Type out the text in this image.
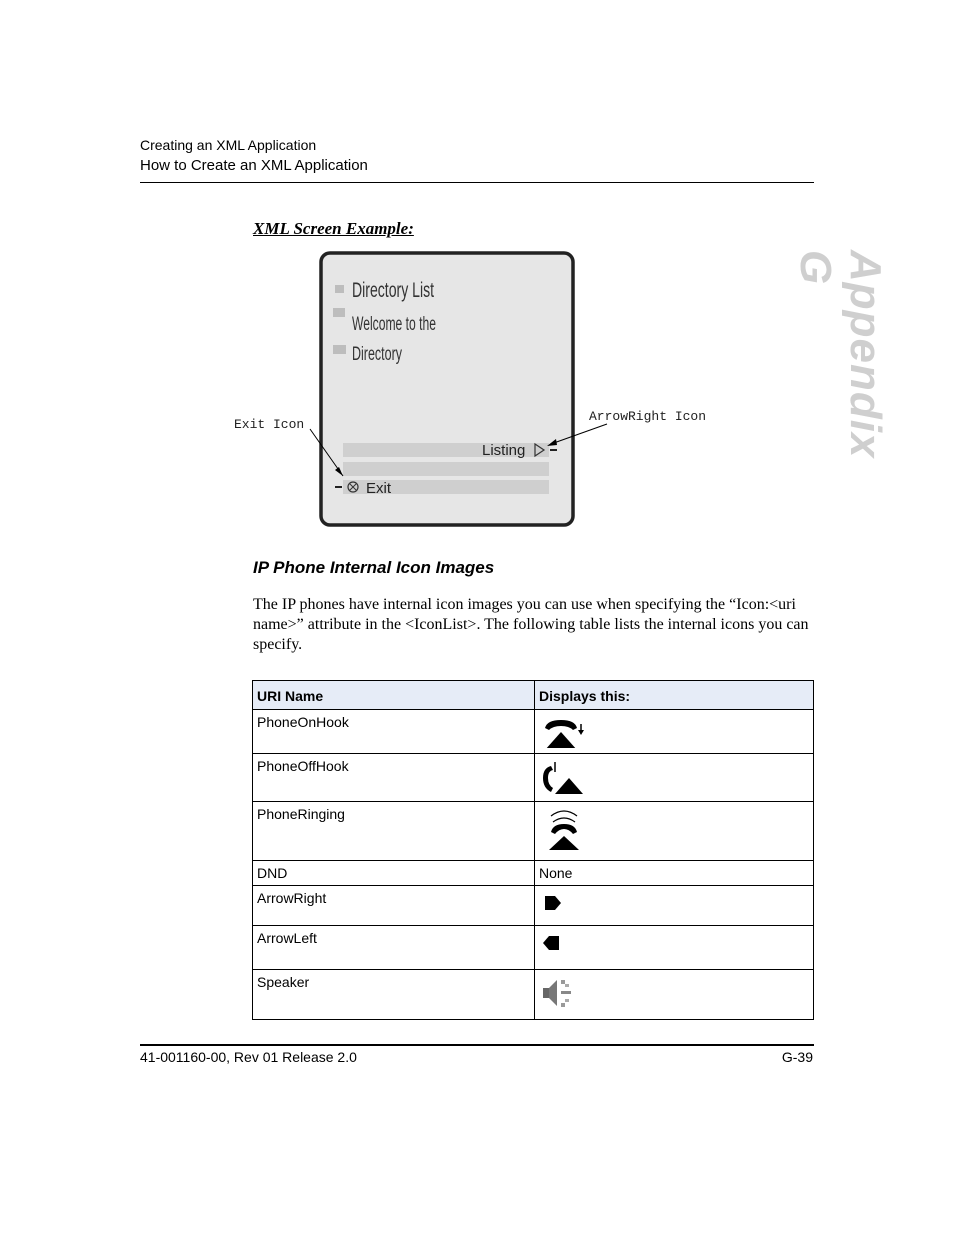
Creating an XML Application
How to Create an XML Application
Appendix G
XML Screen Example:
Directory List
Welcome to the
Directory
Listing
Exit
Exit Icon
ArrowRight Icon
IP Phone Internal Icon Images
The IP phones have internal icon images you can use when specifying the “Icon:<uri name>” attribute in the <IconList>. The following table lists the internal icons you can specify.
URI Name	Displays this:
PhoneOnHook	
PhoneOffHook	
PhoneRinging	
DND	None
ArrowRight	
ArrowLeft	
Speaker	
41-001160-00, Rev 01 Release 2.0	G-39
